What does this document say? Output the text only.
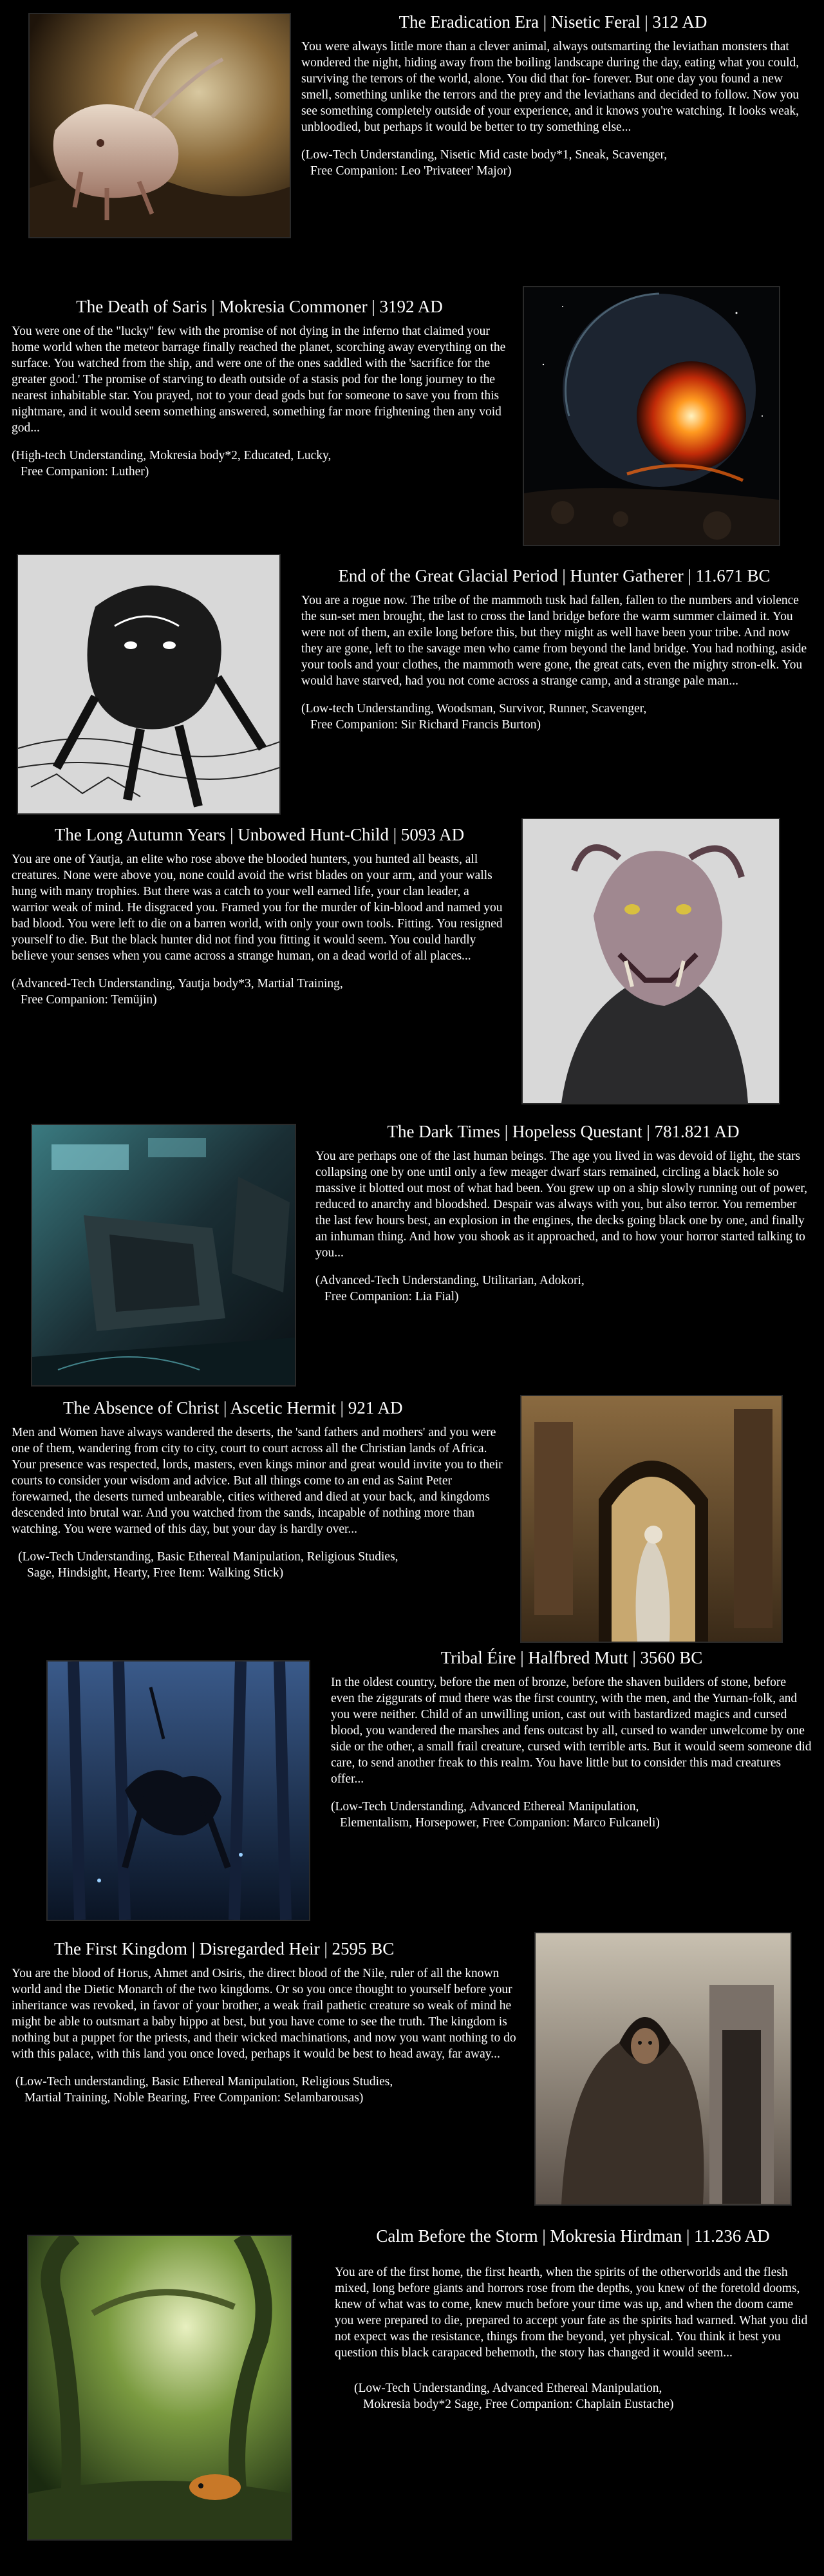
The Eradication Era | Nisetic Feral | 312 AD

You were always little more than a clever animal, always outsmarting the leviathan monsters that wondered the night, hiding away from the boiling landscape during the day, eating what you could, surviving the terrors of the world, alone. You did that for- forever. But one day you found a new smell, something unlike the terrors and the prey and the leviathans and decided to follow. Now you see something completely outside of your experience, and it knows you're watching. It looks weak, unbloodied, but perhaps it would be better to try something else...

(Low-Tech Understanding, Nisetic Mid caste body*1, Sneak, Scavenger,
Free Companion: Leo 'Privateer' Major)

The Death of Saris | Mokresia Commoner | 3192 AD

You were one of the "lucky" few with the promise of not dying in the inferno that claimed your home world when the meteor barrage finally reached the planet, scorching away everything on the surface. You watched from the ship, and were one of the ones saddled with the 'sacrifice for the greater good.' The promise of starving to death outside of a stasis pod for the long journey to the nearest inhabitable star. You prayed, not to your dead gods but for someone to save you from this nightmare, and it would seem something answered, something far more frightening then any void god...

(High-tech Understanding, Mokresia body*2, Educated, Lucky,
Free Companion: Luther)

End of the Great Glacial Period | Hunter Gatherer | 11.671 BC

You are a rogue now. The tribe of the mammoth tusk had fallen, fallen to the numbers and violence the sun-set men brought, the last to cross the land bridge before the warm summer claimed it. You were not of them, an exile long before this, but they might as well have been your tribe. And now they are gone, left to the savage men who came from beyond the land bridge. You had nothing, aside your tools and your clothes, the mammoth were gone, the great cats, even the mighty stron-elk. You would have starved, had you not come across a strange camp, and a strange pale man...

(Low-tech Understanding, Woodsman, Survivor, Runner, Scavenger,
Free Companion: Sir Richard Francis Burton)

The Long Autumn Years | Unbowed Hunt-Child | 5093 AD

You are one of Yautja, an elite who rose above the blooded hunters, you hunted all beasts, all creatures. None were above you, none could avoid the wrist blades on your arm, and your walls hung with many trophies. But there was a catch to your well earned life, your clan leader, a warrior weak of mind. He disgraced you. Framed you for the murder of kin-blood and named you bad blood. You were left to die on a barren world, with only your own tools. Fitting. You resigned yourself to die. But the black hunter did not find you fitting it would seem. You could hardly believe your senses when you came across a strange human, on a dead world of all places...

(Advanced-Tech Understanding, Yautja body*3, Martial Training,
Free Companion: Temüjin)

The Dark Times | Hopeless Questant | 781.821 AD

You are perhaps one of the last human beings. The age you lived in was devoid of light, the stars collapsing one by one until only a few meager dwarf stars remained, circling a black hole so massive it blotted out most of what had been. You grew up on a ship slowly running out of power, reduced to anarchy and bloodshed. Despair was always with you, but also terror. You remember the last few hours best, an explosion in the engines, the decks going black one by one, and finally an inhuman thing. And how you shook as it approached, and to how your horror started talking to you...

(Advanced-Tech Understanding, Utilitarian, Adokori,
Free Companion: Lia Fial)

The Absence of Christ | Ascetic Hermit | 921 AD

Men and Women have always wandered the deserts, the 'sand fathers and mothers' and you were one of them, wandering from city to city, court to court across all the Christian lands of Africa. Your presence was respected, lords, masters, even kings minor and great would invite you to their courts to consider your wisdom and advice. But all things come to an end as Saint Peter forewarned, the deserts turned unbearable, cities withered and died at your back, and kingdoms descended into brutal war. And you watched from the sands, incapable of nothing more than watching. You were warned of this day, but your day is hardly over...

(Low-Tech Understanding, Basic Ethereal Manipulation, Religious Studies,
Sage, Hindsight, Hearty, Free Item: Walking Stick)

Tribal Éire | Halfbred Mutt | 3560 BC

In the oldest country, before the men of bronze, before the shaven builders of stone, before even the ziggurats of mud there was the first country, with the men, and the Yurnan-folk, and you were neither. Child of an unwilling union, cast out with bastardized magics and cursed blood, you wandered the marshes and fens outcast by all, cursed to wander unwelcome by one side or the other, a small frail creature, cursed with terrible arts. But it would seem someone did care, to send another freak to this realm. You have little but to consider this mad creatures offer...

(Low-Tech Understanding, Advanced Ethereal Manipulation,
Elementalism, Horsepower, Free Companion: Marco Fulcaneli)

The First Kingdom | Disregarded Heir | 2595 BC

You are the blood of Horus, Ahmet and Osiris, the direct blood of the Nile, ruler of all the known world and the Dietic Monarch of the two kingdoms. Or so you once thought to yourself before your inheritance was revoked, in favor of your brother, a weak frail pathetic creature so weak of mind he might be able to outsmart a baby hippo at best, but you have come to see the truth. The kingdom is nothing but a puppet for the priests, and their wicked machinations, and now you want nothing to do with this palace, with this land you once loved, perhaps it would be best to head away, far away...

(Low-Tech understanding, Basic Ethereal Manipulation, Religious Studies,
Martial Training, Noble Bearing, Free Companion: Selambarousas)

Calm Before the Storm | Mokresia Hirdman | 11.236 AD

You are of the first home, the first hearth, when the spirits of the otherworlds and the flesh mixed, long before giants and horrors rose from the depths, you knew of the foretold dooms, knew of what was to come, knew much before your time was up, and when the doom came you were prepared to die, prepared to accept your fate as the spirits had warned. What you did not expect was the resistance, things from the beyond, yet physical. You think it best you question this black carapaced behemoth, the story has changed it would seem...

(Low-Tech Understanding, Advanced Ethereal Manipulation,
Mokresia body*2 Sage, Free Companion: Chaplain Eustache)
